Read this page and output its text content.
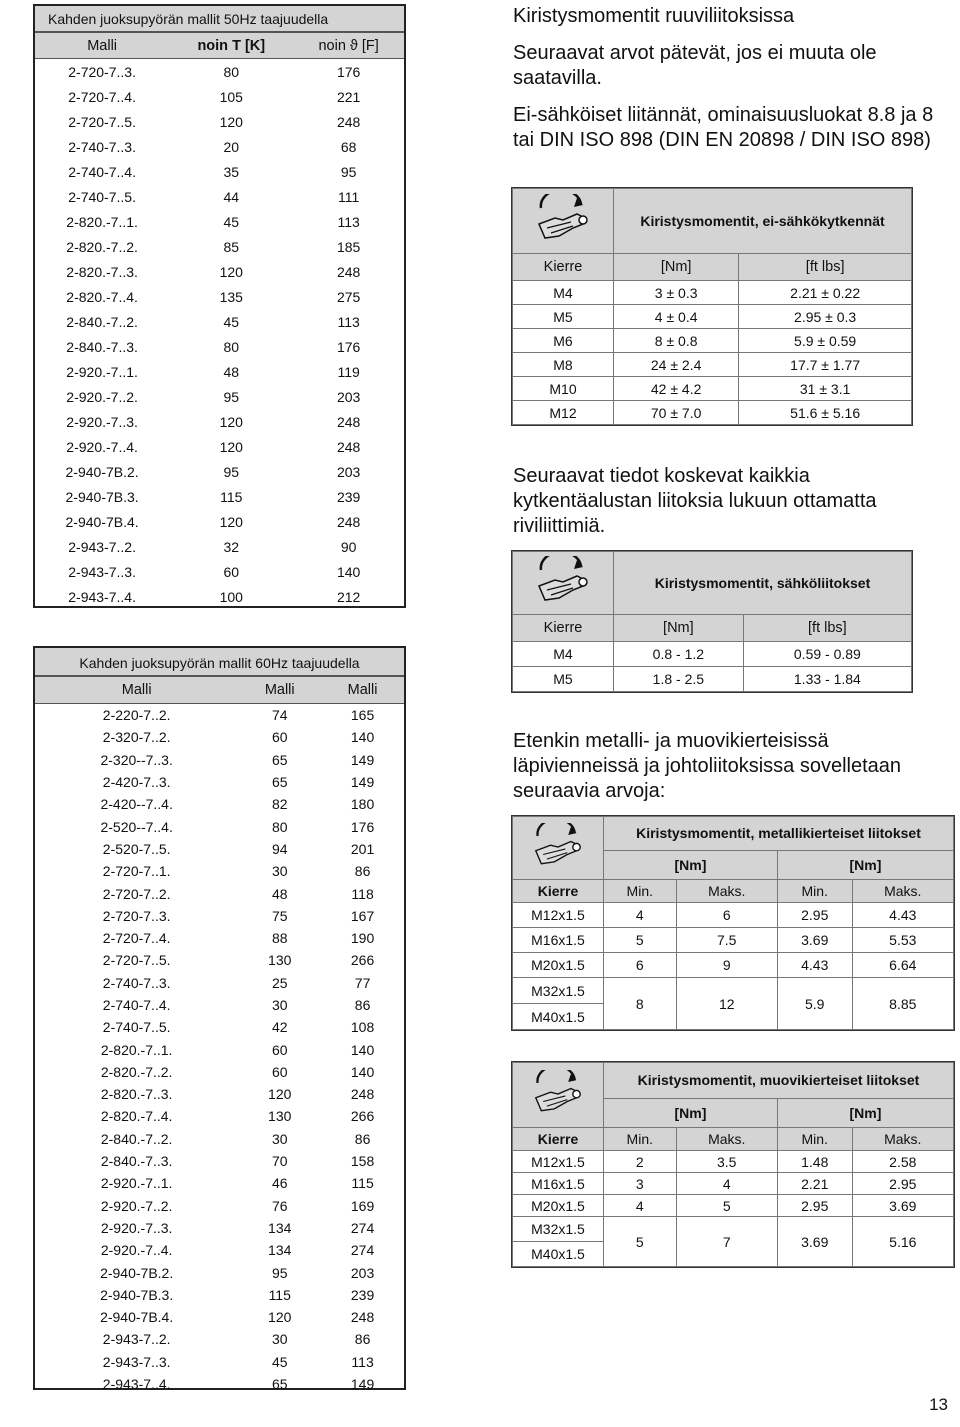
Kahden juoksupyörän mallit 50Hz taajuudella
Malli	noin T [K]	noin ϑ [F]
2-720-7..3.	80	176
2-720-7..4.	105	221
2-720-7..5.	120	248
2-740-7..3.	20	68
2-740-7..4.	35	95
2-740-7..5.	44	111
2-820.-7..1.	45	113
2-820.-7..2.	85	185
2-820.-7..3.	120	248
2-820.-7..4.	135	275
2-840.-7..2.	45	113
2-840.-7..3.	80	176
2-920.-7..1.	48	119
2-920.-7..2.	95	203
2-920.-7..3.	120	248
2-920.-7..4.	120	248
2-940-7B.2.	95	203
2-940-7B.3.	115	239
2-940-7B.4.	120	248
2-943-7..2.	32	90
2-943-7..3.	60	140
2-943-7..4.	100	212
Kahden juoksupyörän mallit 60Hz taajuudella
Malli	Malli	Malli
2-220-7..2.	74	165
2-320-7..2.	60	140
2-320--7..3.	65	149
2-420-7..3.	65	149
2-420--7..4.	82	180
2-520--7..4.	80	176
2-520-7..5.	94	201
2-720-7..1.	30	86
2-720-7..2.	48	118
2-720-7..3.	75	167
2-720-7..4.	88	190
2-720-7..5.	130	266
2-740-7..3.	25	77
2-740-7..4.	30	86
2-740-7..5.	42	108
2-820.-7..1.	60	140
2-820.-7..2.	60	140
2-820.-7..3.	120	248
2-820.-7..4.	130	266
2-840.-7..2.	30	86
2-840.-7..3.	70	158
2-920.-7..1.	46	115
2-920.-7..2.	76	169
2-920.-7..3.	134	274
2-920.-7..4.	134	274
2-940-7B.2.	95	203
2-940-7B.3.	115	239
2-940-7B.4.	120	248
2-943-7..2.	30	86
2-943-7..3.	45	113
2-943-7..4.	65	149
Kiristysmomentit ruuviliitoksissa
Seuraavat arvot pätevät, jos ei muuta ole saatavilla.
Ei-sähköiset liitännät, ominaisuusluokat 8.8 ja 8 tai DIN ISO 898 (DIN EN 20898 / DIN ISO 898)
Seuraavat tiedot koskevat kaikkia kytkentäalustan liitoksia lukuun ottamatta riviliittimiä.
Etenkin metalli- ja muovikierteisissä läpivienneissä ja johtoliitoksissa sovelletaan seuraavia arvoja:
	Kiristysmomentit, ei-sähkökytkennät	
Kierre	[Nm]	[ft lbs]
M4	3 ± 0.3	2.21 ± 0.22
M5	4 ± 0.4	2.95 ± 0.3
M6	8 ± 0.8	5.9 ± 0.59
M8	24 ± 2.4	17.7 ± 1.77
M10	42 ± 4.2	31 ± 3.1
M12	70 ± 7.0	51.6 ± 5.16
	Kiristysmomentit, sähköliitokset	
Kierre	[Nm]	[ft lbs]
M4	0.8 - 1.2	0.59 - 0.89
M5	1.8 - 2.5	1.33 - 1.84
	Kiristysmomentit, metallikierteiset liitokset			
	[Nm]		[Nm]	
Kierre	Min.	Maks.	Min.	Maks.
M12x1.5	4	6	2.95	4.43
M16x1.5	5	7.5	3.69	5.53
M20x1.5	6	9	4.43	6.64
M32x1.5	8	12	5.9	8.85
M40x1.5				
	Kiristysmomentit, muovikierteiset liitokset			
	[Nm]		[Nm]	
Kierre	Min.	Maks.	Min.	Maks.
M12x1.5	2	3.5	1.48	2.58
M16x1.5	3	4	2.21	2.95
M20x1.5	4	5	2.95	3.69
M32x1.5	5	7	3.69	5.16
M40x1.5				
13
